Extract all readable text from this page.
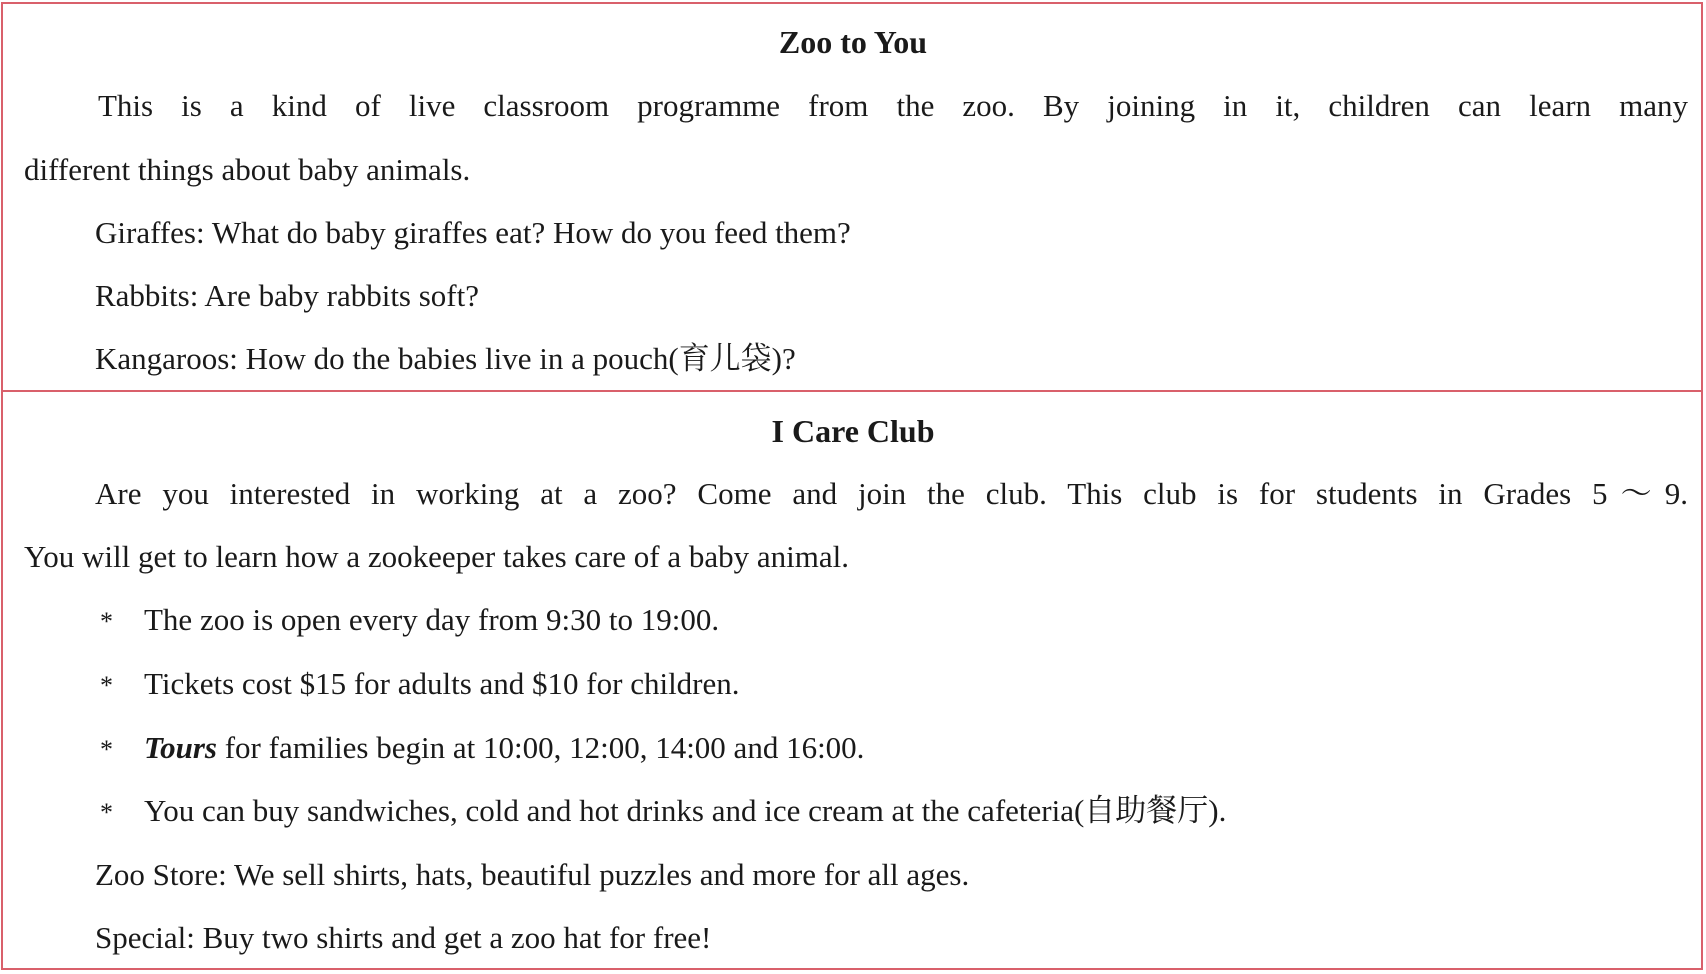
Zoo to You
This is a kind of live classroom programme from the zoo. By joining in it, children can learn many
different things about baby animals.
Giraffes: What do baby giraffes eat? How do you feed them?
Rabbits: Are baby rabbits soft?
Kangaroos: How do the babies live in a pouch(育儿袋)?
I Care Club
Are you interested in working at a zoo? Come and join the club. This club is for students in Grades 5～9.
You will get to learn how a zookeeper takes care of a baby animal.
* The zoo is open every day from 9:30 to 19:00.
* Tickets cost $15 for adults and $10 for children.
* Tours for families begin at 10:00, 12:00, 14:00 and 16:00.
* You can buy sandwiches, cold and hot drinks and ice cream at the cafeteria(自助餐厅).
Zoo Store: We sell shirts, hats, beautiful puzzles and more for all ages.
Special: Buy two shirts and get a zoo hat for free!
